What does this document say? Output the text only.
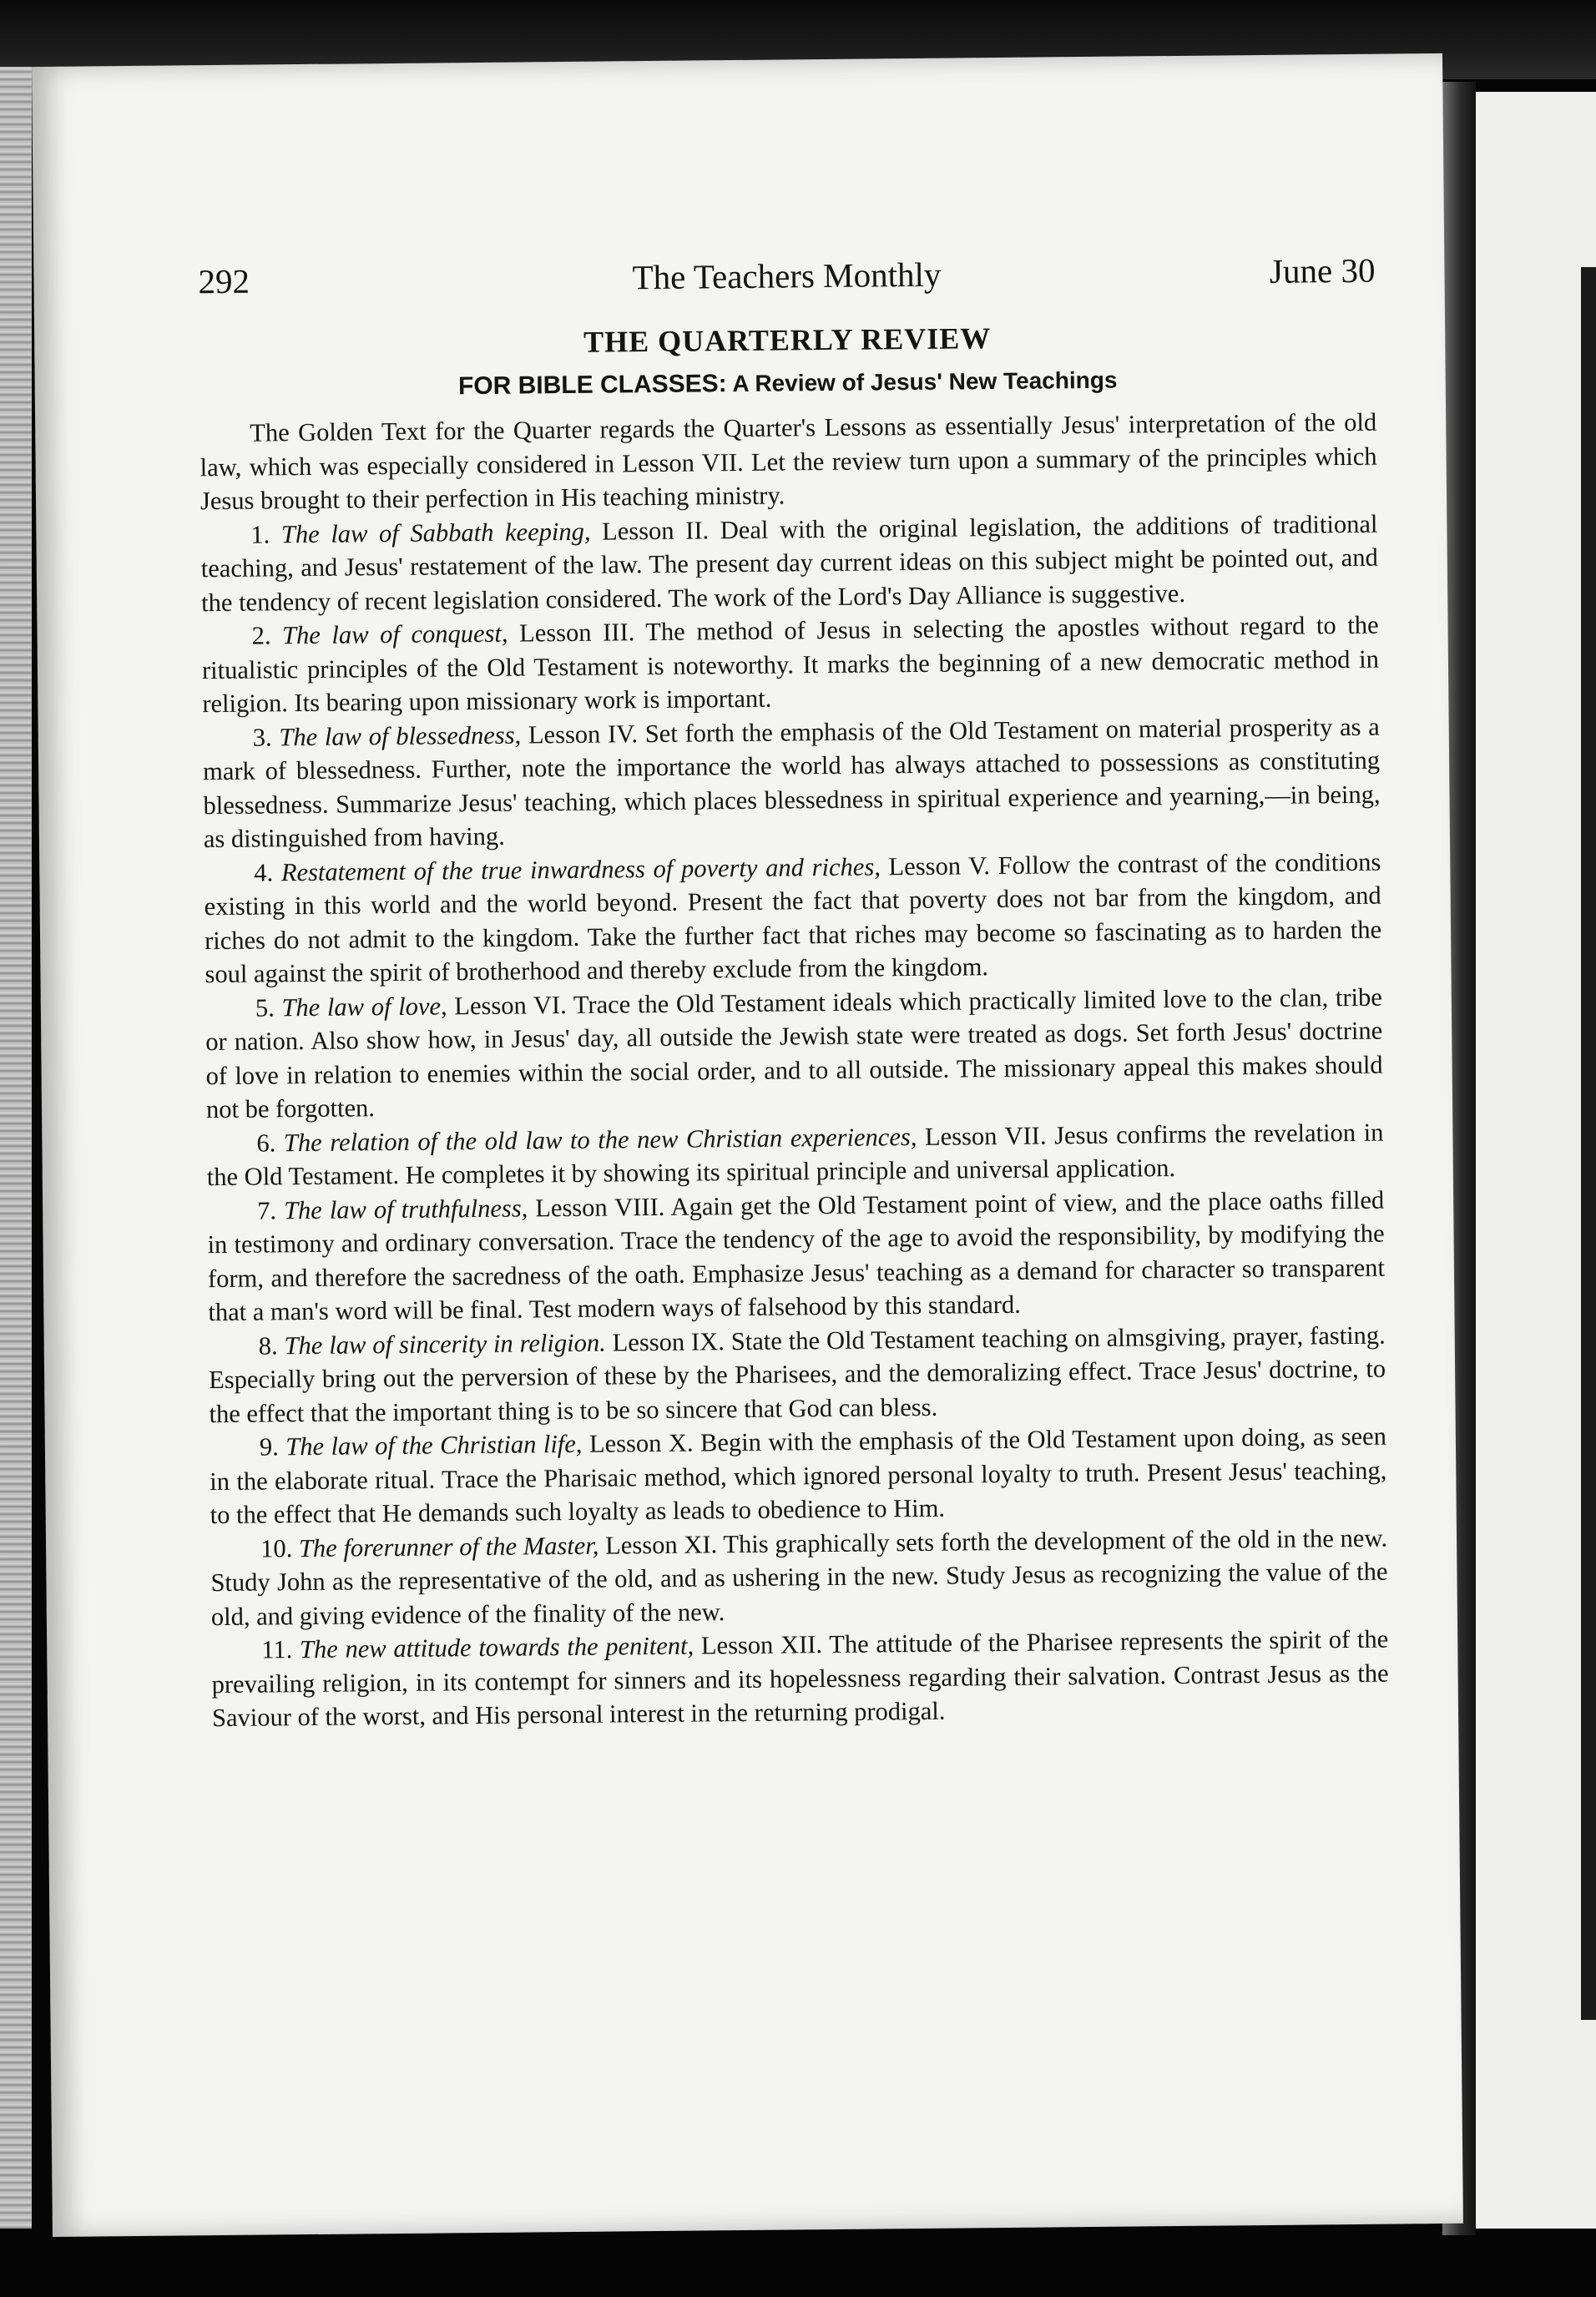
292	The Teachers Monthly	June 30
THE QUARTERLY REVIEW
FOR BIBLE CLASSES: A Review of Jesus' New Teachings

The Golden Text for the Quarter regards the Quarter's Lessons as essentially Jesus' interpretation of the old law, which was especially considered in Lesson VII. Let the review turn upon a summary of the principles which Jesus brought to their perfection in His teaching ministry.

1. The law of Sabbath keeping, Lesson II. Deal with the original legislation, the additions of traditional teaching, and Jesus' restatement of the law. The present day current ideas on this subject might be pointed out, and the tendency of recent legislation considered. The work of the Lord's Day Alliance is suggestive.

2. The law of conquest, Lesson III. The method of Jesus in selecting the apostles without regard to the ritualistic principles of the Old Testament is noteworthy. It marks the beginning of a new democratic method in religion. Its bearing upon missionary work is important.

3. The law of blessedness, Lesson IV. Set forth the emphasis of the Old Testament on material prosperity as a mark of blessedness. Further, note the importance the world has always attached to possessions as constituting blessedness. Summarize Jesus' teaching, which places blessedness in spiritual experience and yearning,—in being, as distinguished from having.

4. Restatement of the true inwardness of poverty and riches, Lesson V. Follow the contrast of the conditions existing in this world and the world beyond. Present the fact that poverty does not bar from the kingdom, and riches do not admit to the kingdom. Take the further fact that riches may become so fascinating as to harden the soul against the spirit of brotherhood and thereby exclude from the kingdom.

5. The law of love, Lesson VI. Trace the Old Testament ideals which practically limited love to the clan, tribe or nation. Also show how, in Jesus' day, all outside the Jewish state were treated as dogs. Set forth Jesus' doctrine of love in relation to enemies within the social order, and to all outside. The missionary appeal this makes should not be forgotten.

6. The relation of the old law to the new Christian experiences, Lesson VII. Jesus confirms the revelation in the Old Testament. He completes it by showing its spiritual principle and universal application.

7. The law of truthfulness, Lesson VIII. Again get the Old Testament point of view, and the place oaths filled in testimony and ordinary conversation. Trace the tendency of the age to avoid the responsibility, by modifying the form, and therefore the sacredness of the oath. Emphasize Jesus' teaching as a demand for character so transparent that a man's word will be final. Test modern ways of falsehood by this standard.

8. The law of sincerity in religion. Lesson IX. State the Old Testament teaching on almsgiving, prayer, fasting. Especially bring out the perversion of these by the Pharisees, and the demoralizing effect. Trace Jesus' doctrine, to the effect that the important thing is to be so sincere that God can bless.

9. The law of the Christian life, Lesson X. Begin with the emphasis of the Old Testament upon doing, as seen in the elaborate ritual. Trace the Pharisaic method, which ignored personal loyalty to truth. Present Jesus' teaching, to the effect that He demands such loyalty as leads to obedience to Him.

10. The forerunner of the Master, Lesson XI. This graphically sets forth the development of the old in the new. Study John as the representative of the old, and as ushering in the new. Study Jesus as recognizing the value of the old, and giving evidence of the finality of the new.

11. The new attitude towards the penitent, Lesson XII. The attitude of the Pharisee represents the spirit of the prevailing religion, in its contempt for sinners and its hopelessness regarding their salvation. Contrast Jesus as the Saviour of the worst, and His personal interest in the returning prodigal.
